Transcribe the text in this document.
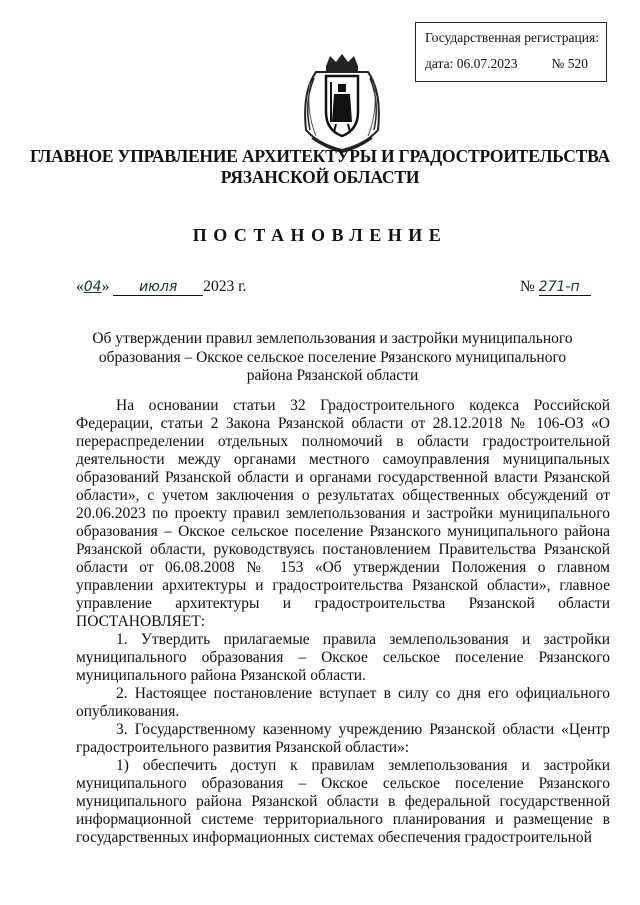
Государственная регистрация:
дата: 06.07.2023	№ 520
ГЛАВНОЕ УПРАВЛЕНИЕ АРХИТЕКТУРЫ И ГРАДОСТРОИТЕЛЬСТВА
РЯЗАНСКОЙ ОБЛАСТИ
ПОСТАНОВЛЕНИЕ
«04» июля 2023 г.	№ 271-п
Об утверждении правил землепользования и застройки муниципального образования – Окское сельское поселение Рязанского муниципального района Рязанской области

На основании статьи 32 Градостроительного кодекса Российской Федерации, статьи 2 Закона Рязанской области от 28.12.2018 № 106-ОЗ «О перераспределении отдельных полномочий в области градостроительной деятельности между органами местного самоуправления муниципальных образований Рязанской области и органами государственной власти Рязанской области», с учетом заключения о результатах общественных обсуждений от 20.06.2023 по проекту правил землепользования и застройки муниципального образования – Окское сельское поселение Рязанского муниципального района Рязанской области, руководствуясь постановлением Правительства Рязанской области от 06.08.2008 № 153 «Об утверждении Положения о главном управлении архитектуры и градостроительства Рязанской области», главное управление архитектуры и градостроительства Рязанской области ПОСТАНОВЛЯЕТ:

1. Утвердить прилагаемые правила землепользования и застройки муниципального образования – Окское сельское поселение Рязанского муниципального района Рязанской области.

2. Настоящее постановление вступает в силу со дня его официального опубликования.

3. Государственному казенному учреждению Рязанской области «Центр градостроительного развития Рязанской области»:

1) обеспечить доступ к правилам землепользования и застройки муниципального образования – Окское сельское поселение Рязанского муниципального района Рязанской области в федеральной государственной информационной системе территориального планирования и размещение в государственных информационных системах обеспечения градостроительной
